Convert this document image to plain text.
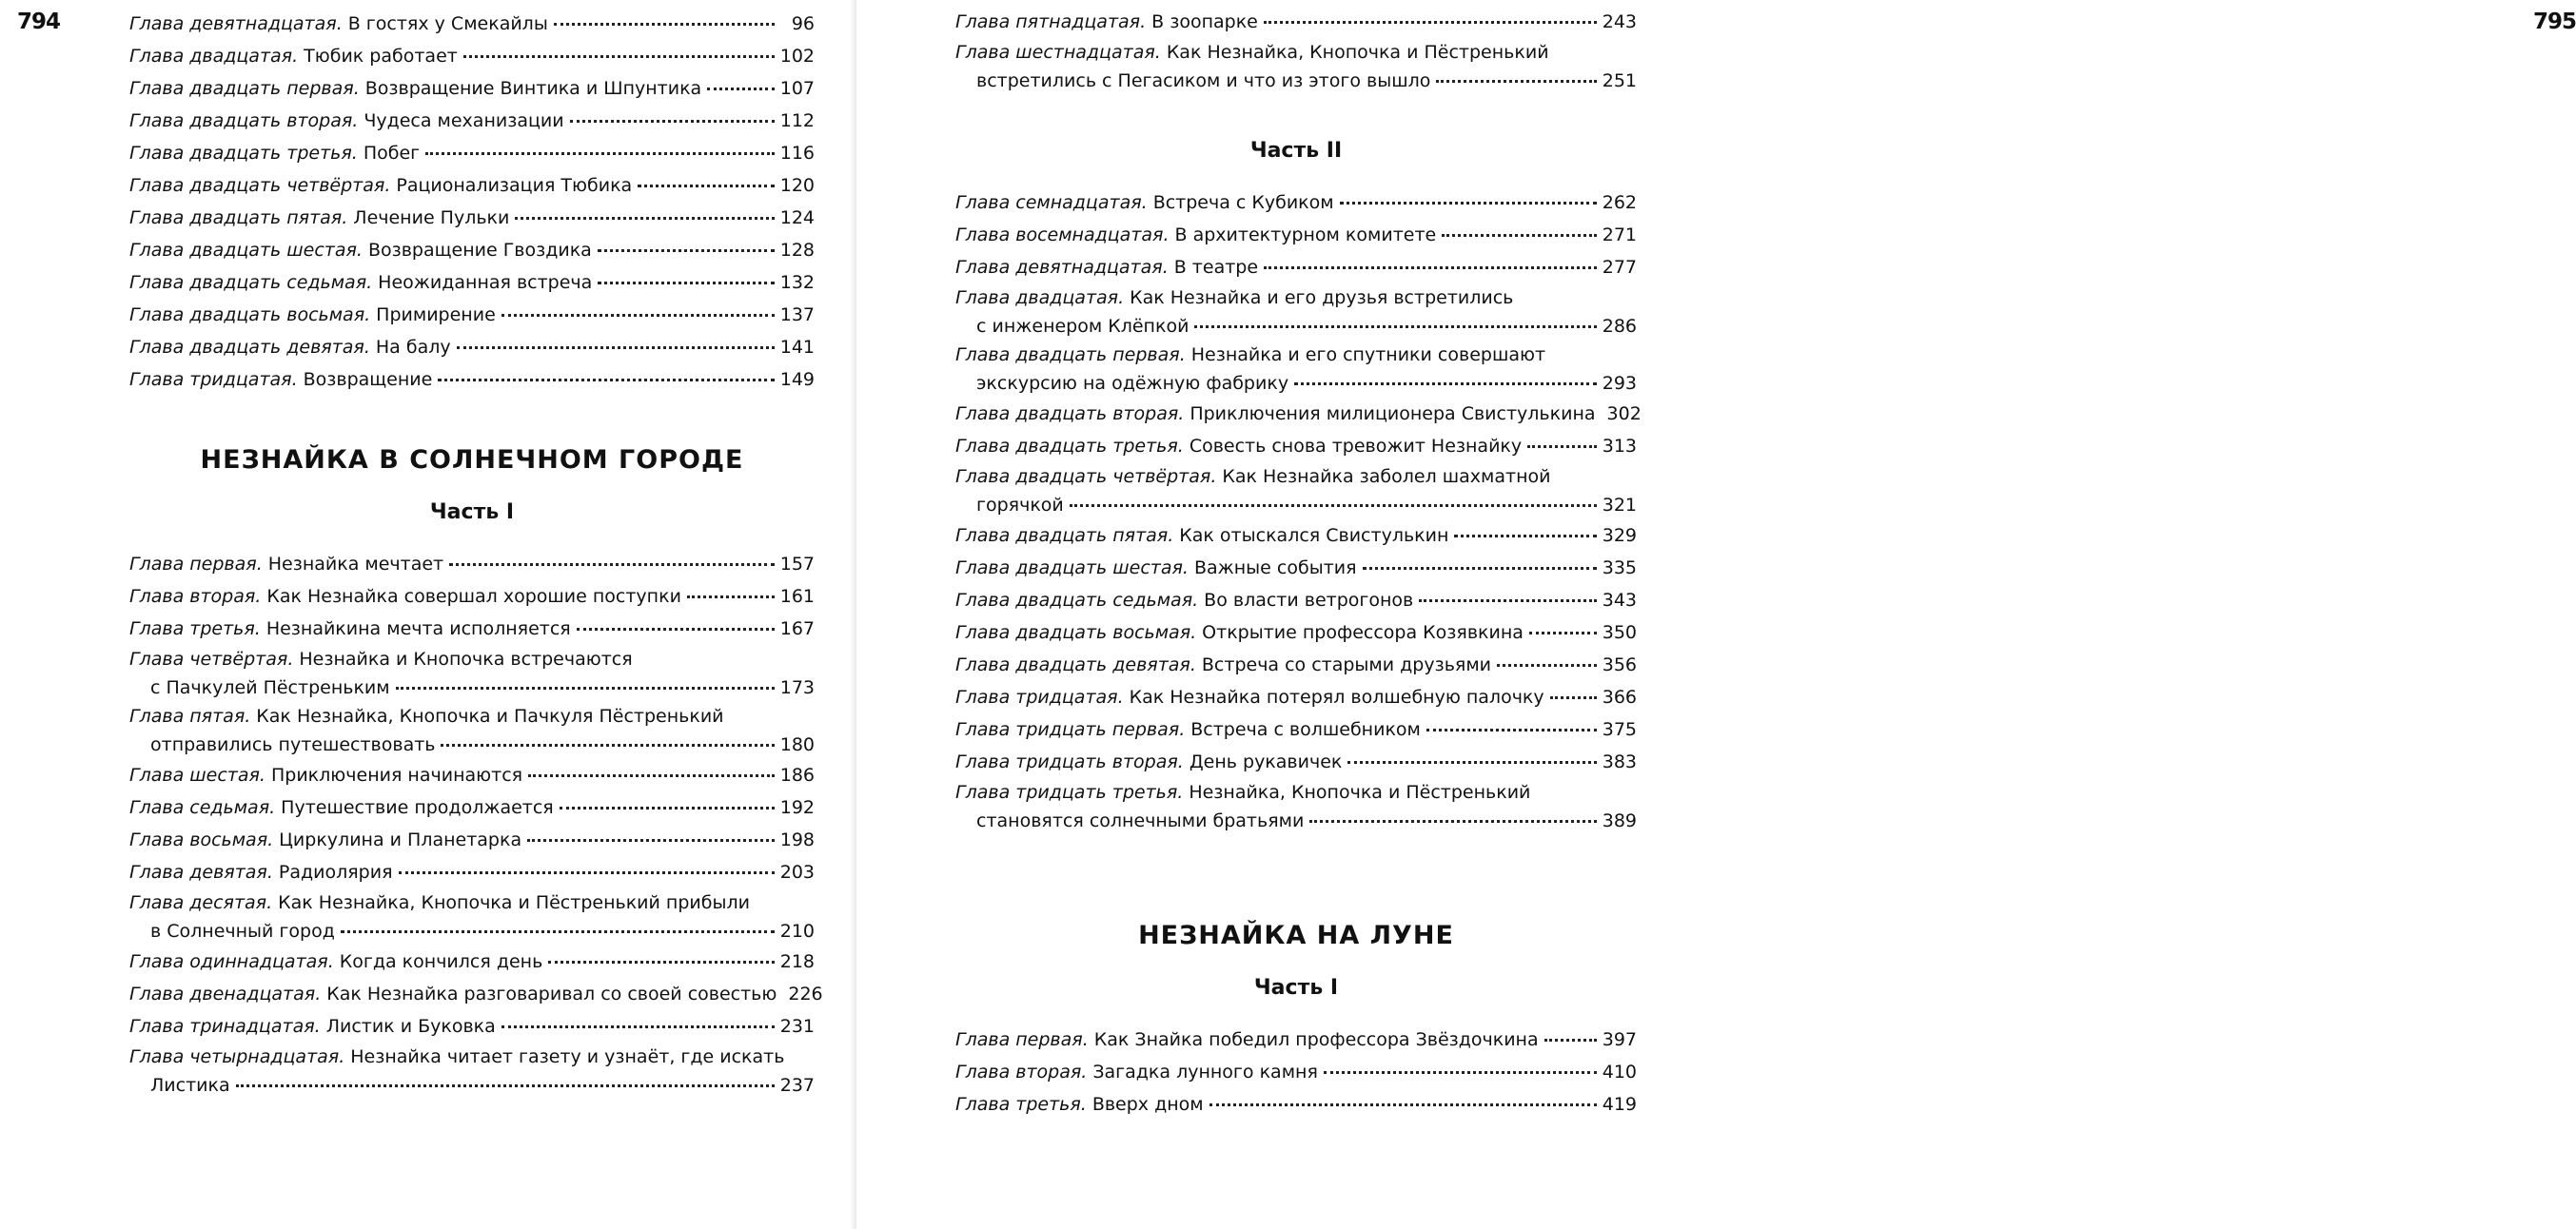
794	Глава девятнадцатая. В гостях у Смекайлы	96
Глава двадцатая. Тюбик работает	102
Глава двадцать первая. Возвращение Винтика и Шпунтика	107
Глава двадцать вторая. Чудеса механизации	112
Глава двадцать третья. Побег	116
Глава двадцать четвёртая. Рационализация Тюбика	120
Глава двадцать пятая. Лечение Пульки	124
Глава двадцать шестая. Возвращение Гвоздика	128
Глава двадцать седьмая. Неожиданная встреча	132
Глава двадцать восьмая. Примирение	137
Глава двадцать девятая. На балу	141
Глава тридцатая. Возвращение	149
НЕЗНАЙКА В СОЛНЕЧНОМ ГОРОДЕ
Часть I
Глава первая. Незнайка мечтает	157
Глава вторая. Как Незнайка совершал хорошие поступки	161
Глава третья. Незнайкина мечта исполняется	167
Глава четвёртая. Незнайка и Кнопочка встречаются
с Пачкулей Пёстреньким	173
Глава пятая. Как Незнайка, Кнопочка и Пачкуля Пёстренький
отправились путешествовать	180
Глава шестая. Приключения начинаются	186
Глава седьмая. Путешествие продолжается	192
Глава восьмая. Циркулина и Планетарка	198
Глава девятая. Радиолярия	203
Глава десятая. Как Незнайка, Кнопочка и Пёстренький прибыли
в Солнечный город	210
Глава одиннадцатая. Когда кончился день	218
Глава двенадцатая. Как Незнайка разговаривал со своей совестью 226
Глава тринадцатая. Листик и Буковка	231
Глава четырнадцатая. Незнайка читает газету и узнаёт, где искать
Листика	237
795
Глава пятнадцатая. В зоопарке	243
Глава шестнадцатая. Как Незнайка, Кнопочка и Пёстренький
встретились с Пегасиком и что из этого вышло	251
Часть II
Глава семнадцатая. Встреча с Кубиком	262
Глава восемнадцатая. В архитектурном комитете	271
Глава девятнадцатая. В театре	277
Глава двадцатая. Как Незнайка и его друзья встретились
с инженером Клёпкой	286
Глава двадцать первая. Незнайка и его спутники совершают
экскурсию на одёжную фабрику	293
Глава двадцать вторая. Приключения милиционера Свистулькина 302
Глава двадцать третья. Совесть снова тревожит Незнайку	313
Глава двадцать четвёртая. Как Незнайка заболел шахматной
горячкой	321
Глава двадцать пятая. Как отыскался Свистулькин	329
Глава двадцать шестая. Важные события	335
Глава двадцать седьмая. Во власти ветрогонов	343
Глава двадцать восьмая. Открытие профессора Козявкина	350
Глава двадцать девятая. Встреча со старыми друзьями	356
Глава тридцатая. Как Незнайка потерял волшебную палочку	366
Глава тридцать первая. Встреча с волшебником	375
Глава тридцать вторая. День рукавичек	383
Глава тридцать третья. Незнайка, Кнопочка и Пёстренький
становятся солнечными братьями	389
НЕЗНАЙКА НА ЛУНЕ
Часть I
Глава первая. Как Знайка победил профессора Звёздочкина	397
Глава вторая. Загадка лунного камня	410
Глава третья. Вверх дном	419
